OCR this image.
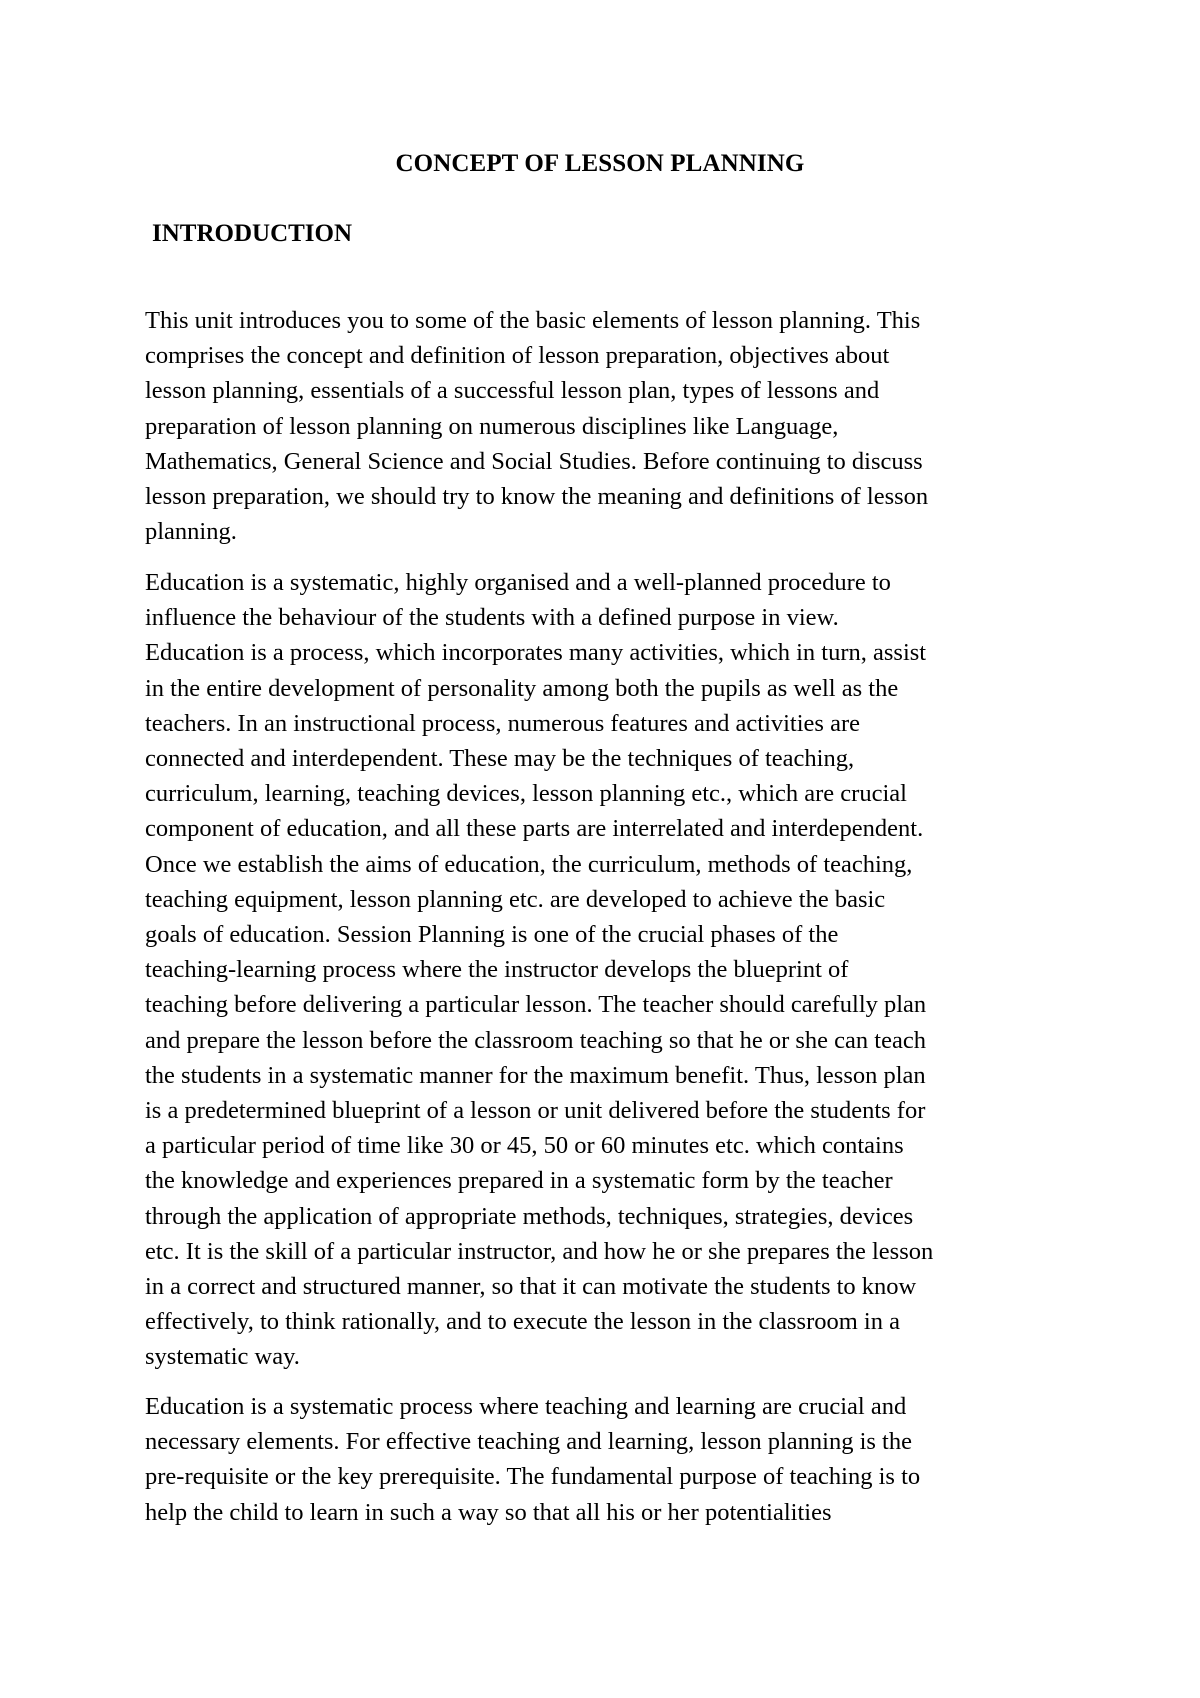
CONCEPT OF LESSON PLANNING
INTRODUCTION
This unit introduces you to some of the basic elements of lesson planning. This
comprises the concept and definition of lesson preparation, objectives about
lesson planning, essentials of a successful lesson plan, types of lessons and
preparation of lesson planning on numerous disciplines like Language,
Mathematics, General Science and Social Studies. Before continuing to discuss
lesson preparation, we should try to know the meaning and definitions of lesson
planning.
Education is a systematic, highly organised and a well-planned procedure to
influence the behaviour of the students with a defined purpose in view.
Education is a process, which incorporates many activities, which in turn, assist
in the entire development of personality among both the pupils as well as the
teachers. In an instructional process, numerous features and activities are
connected and interdependent. These may be the techniques of teaching,
curriculum, learning, teaching devices, lesson planning etc., which are crucial
component of education, and all these parts are interrelated and interdependent.
Once we establish the aims of education, the curriculum, methods of teaching,
teaching equipment, lesson planning etc. are developed to achieve the basic
goals of education. Session Planning is one of the crucial phases of the
teaching-learning process where the instructor develops the blueprint of
teaching before delivering a particular lesson. The teacher should carefully plan
and prepare the lesson before the classroom teaching so that he or she can teach
the students in a systematic manner for the maximum benefit. Thus, lesson plan
is a predetermined blueprint of a lesson or unit delivered before the students for
a particular period of time like 30 or 45, 50 or 60 minutes etc. which contains
the knowledge and experiences prepared in a systematic form by the teacher
through the application of appropriate methods, techniques, strategies, devices
etc. It is the skill of a particular instructor, and how he or she prepares the lesson
in a correct and structured manner, so that it can motivate the students to know
effectively, to think rationally, and to execute the lesson in the classroom in a
systematic way.
Education is a systematic process where teaching and learning are crucial and
necessary elements. For effective teaching and learning, lesson planning is the
pre-requisite or the key prerequisite. The fundamental purpose of teaching is to
help the child to learn in such a way so that all his or her potentialities
